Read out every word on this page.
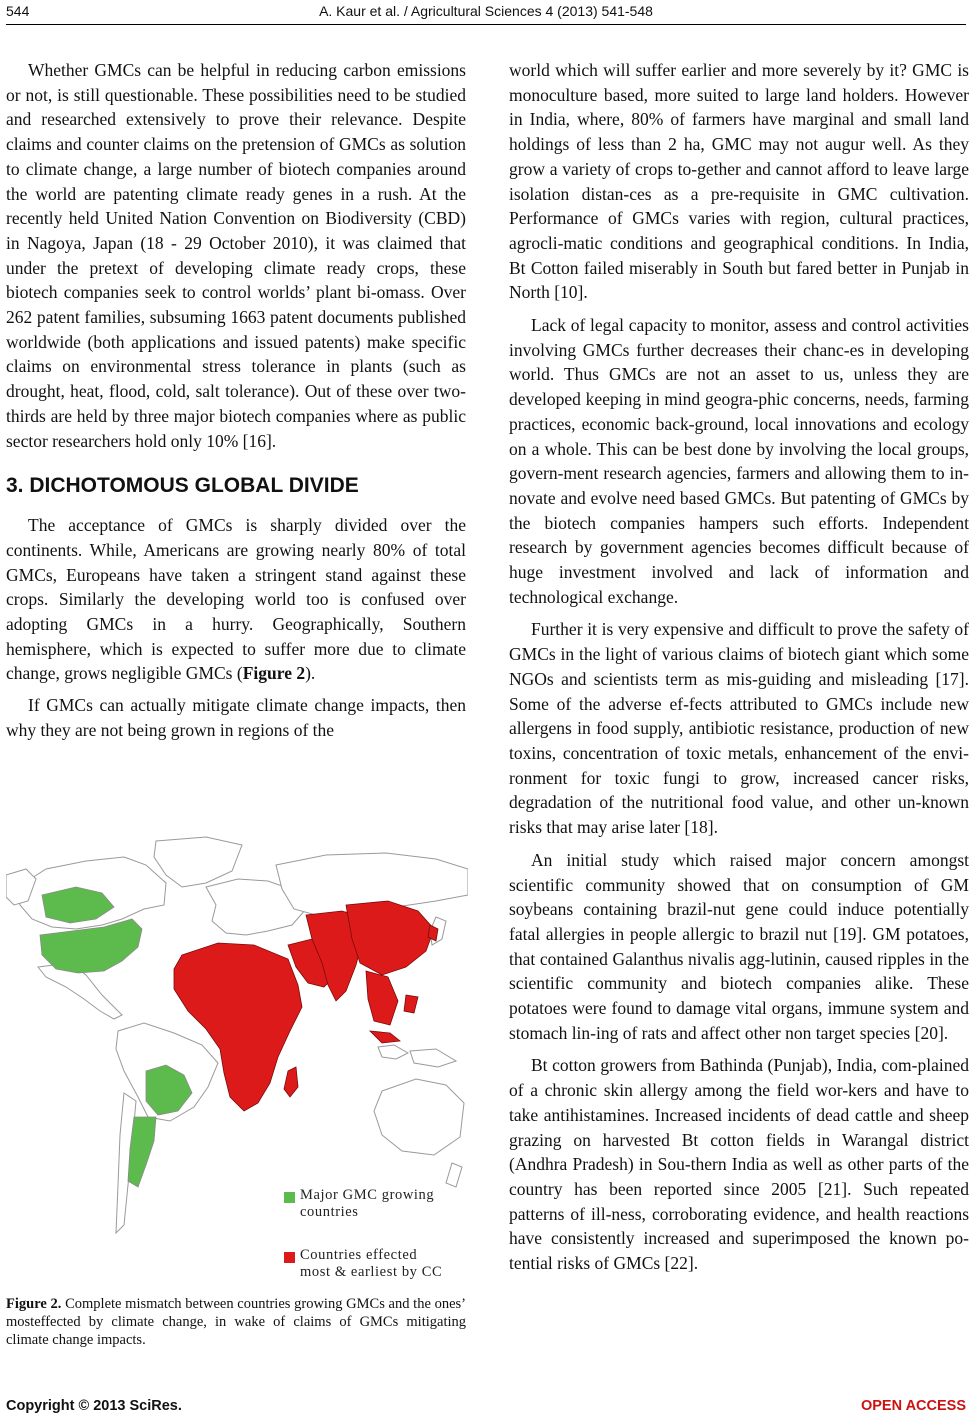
544	A. Kaur et al. / Agricultural Sciences 4 (2013) 541-548

Whether GMCs can be helpful in reducing carbon emissions or not, is still questionable. These possibilities need to be studied and researched extensively to prove their relevance. Despite claims and counter claims on the pretension of GMCs as solution to climate change, a large number of biotech companies around the world are patenting climate ready genes in a rush. At the recently held United Nation Convention on Biodiversity (CBD) in Nagoya, Japan (18 - 29 October 2010), it was claimed that under the pretext of developing climate ready crops, these biotech companies seek to control worlds’ plant bi-omass. Over 262 patent families, subsuming 1663 patent documents published worldwide (both applications and issued patents) make specific claims on environmental stress tolerance in plants (such as drought, heat, flood, cold, salt tolerance). Out of these over two-thirds are held by three major biotech companies where as public sector researchers hold only 10% [16].

3. DICHOTOMOUS GLOBAL DIVIDE

The acceptance of GMCs is sharply divided over the continents. While, Americans are growing nearly 80% of total GMCs, Europeans have taken a stringent stand against these crops. Similarly the developing world too is confused over adopting GMCs in a hurry. Geographically, Southern hemisphere, which is expected to suffer more due to climate change, grows negligible GMCs (Figure 2).

If GMCs can actually mitigate climate change impacts, then why they are not being grown in regions of the

Major GMC growing
countries
Countries effected
most & earliest by CC
Figure 2. Complete mismatch between countries growing GMCs and the ones’ mosteffected by climate change, in wake of claims of GMCs mitigating climate change impacts.

world which will suffer earlier and more severely by it? GMC is monoculture based, more suited to large land holders. However in India, where, 80% of farmers have marginal and small land holdings of less than 2 ha, GMC may not augur well. As they grow a variety of crops to-gether and cannot afford to leave large isolation distan-ces as a pre-requisite in GMC cultivation. Performance of GMCs varies with region, cultural practices, agrocli-matic conditions and geographical conditions. In India, Bt Cotton failed miserably in South but fared better in Punjab in North [10].

Lack of legal capacity to monitor, assess and control activities involving GMCs further decreases their chanc-es in developing world. Thus GMCs are not an asset to us, unless they are developed keeping in mind geogra-phic concerns, needs, farming practices, economic back-ground, local innovations and ecology on a whole. This can be best done by involving the local groups, govern-ment research agencies, farmers and allowing them to in-novate and evolve need based GMCs. But patenting of GMCs by the biotech companies hampers such efforts. Independent research by government agencies becomes difficult because of huge investment involved and lack of information and technological exchange.

Further it is very expensive and difficult to prove the safety of GMCs in the light of various claims of biotech giant which some NGOs and scientists term as mis-guiding and misleading [17]. Some of the adverse ef-fects attributed to GMCs include new allergens in food supply, antibiotic resistance, production of new toxins, concentration of toxic metals, enhancement of the envi-ronment for toxic fungi to grow, increased cancer risks, degradation of the nutritional food value, and other un-known risks that may arise later [18].

An initial study which raised major concern amongst scientific community showed that on consumption of GM soybeans containing brazil-nut gene could induce potentially fatal allergies in people allergic to brazil nut [19]. GM potatoes, that contained Galanthus nivalis agg-lutinin, caused ripples in the scientific community and biotech companies alike. These potatoes were found to damage vital organs, immune system and stomach lin-ing of rats and affect other non target species [20].

Bt cotton growers from Bathinda (Punjab), India, com-plained of a chronic skin allergy among the field wor-kers and have to take antihistamines. Increased incidents of dead cattle and sheep grazing on harvested Bt cotton fields in Warangal district (Andhra Pradesh) in Sou-thern India as well as other parts of the country has been reported since 2005 [21]. Such repeated patterns of ill-ness, corroborating evidence, and health reactions have consistently increased and superimposed the known po-tential risks of GMCs [22].

Copyright © 2013 SciRes.	OPEN ACCESS
